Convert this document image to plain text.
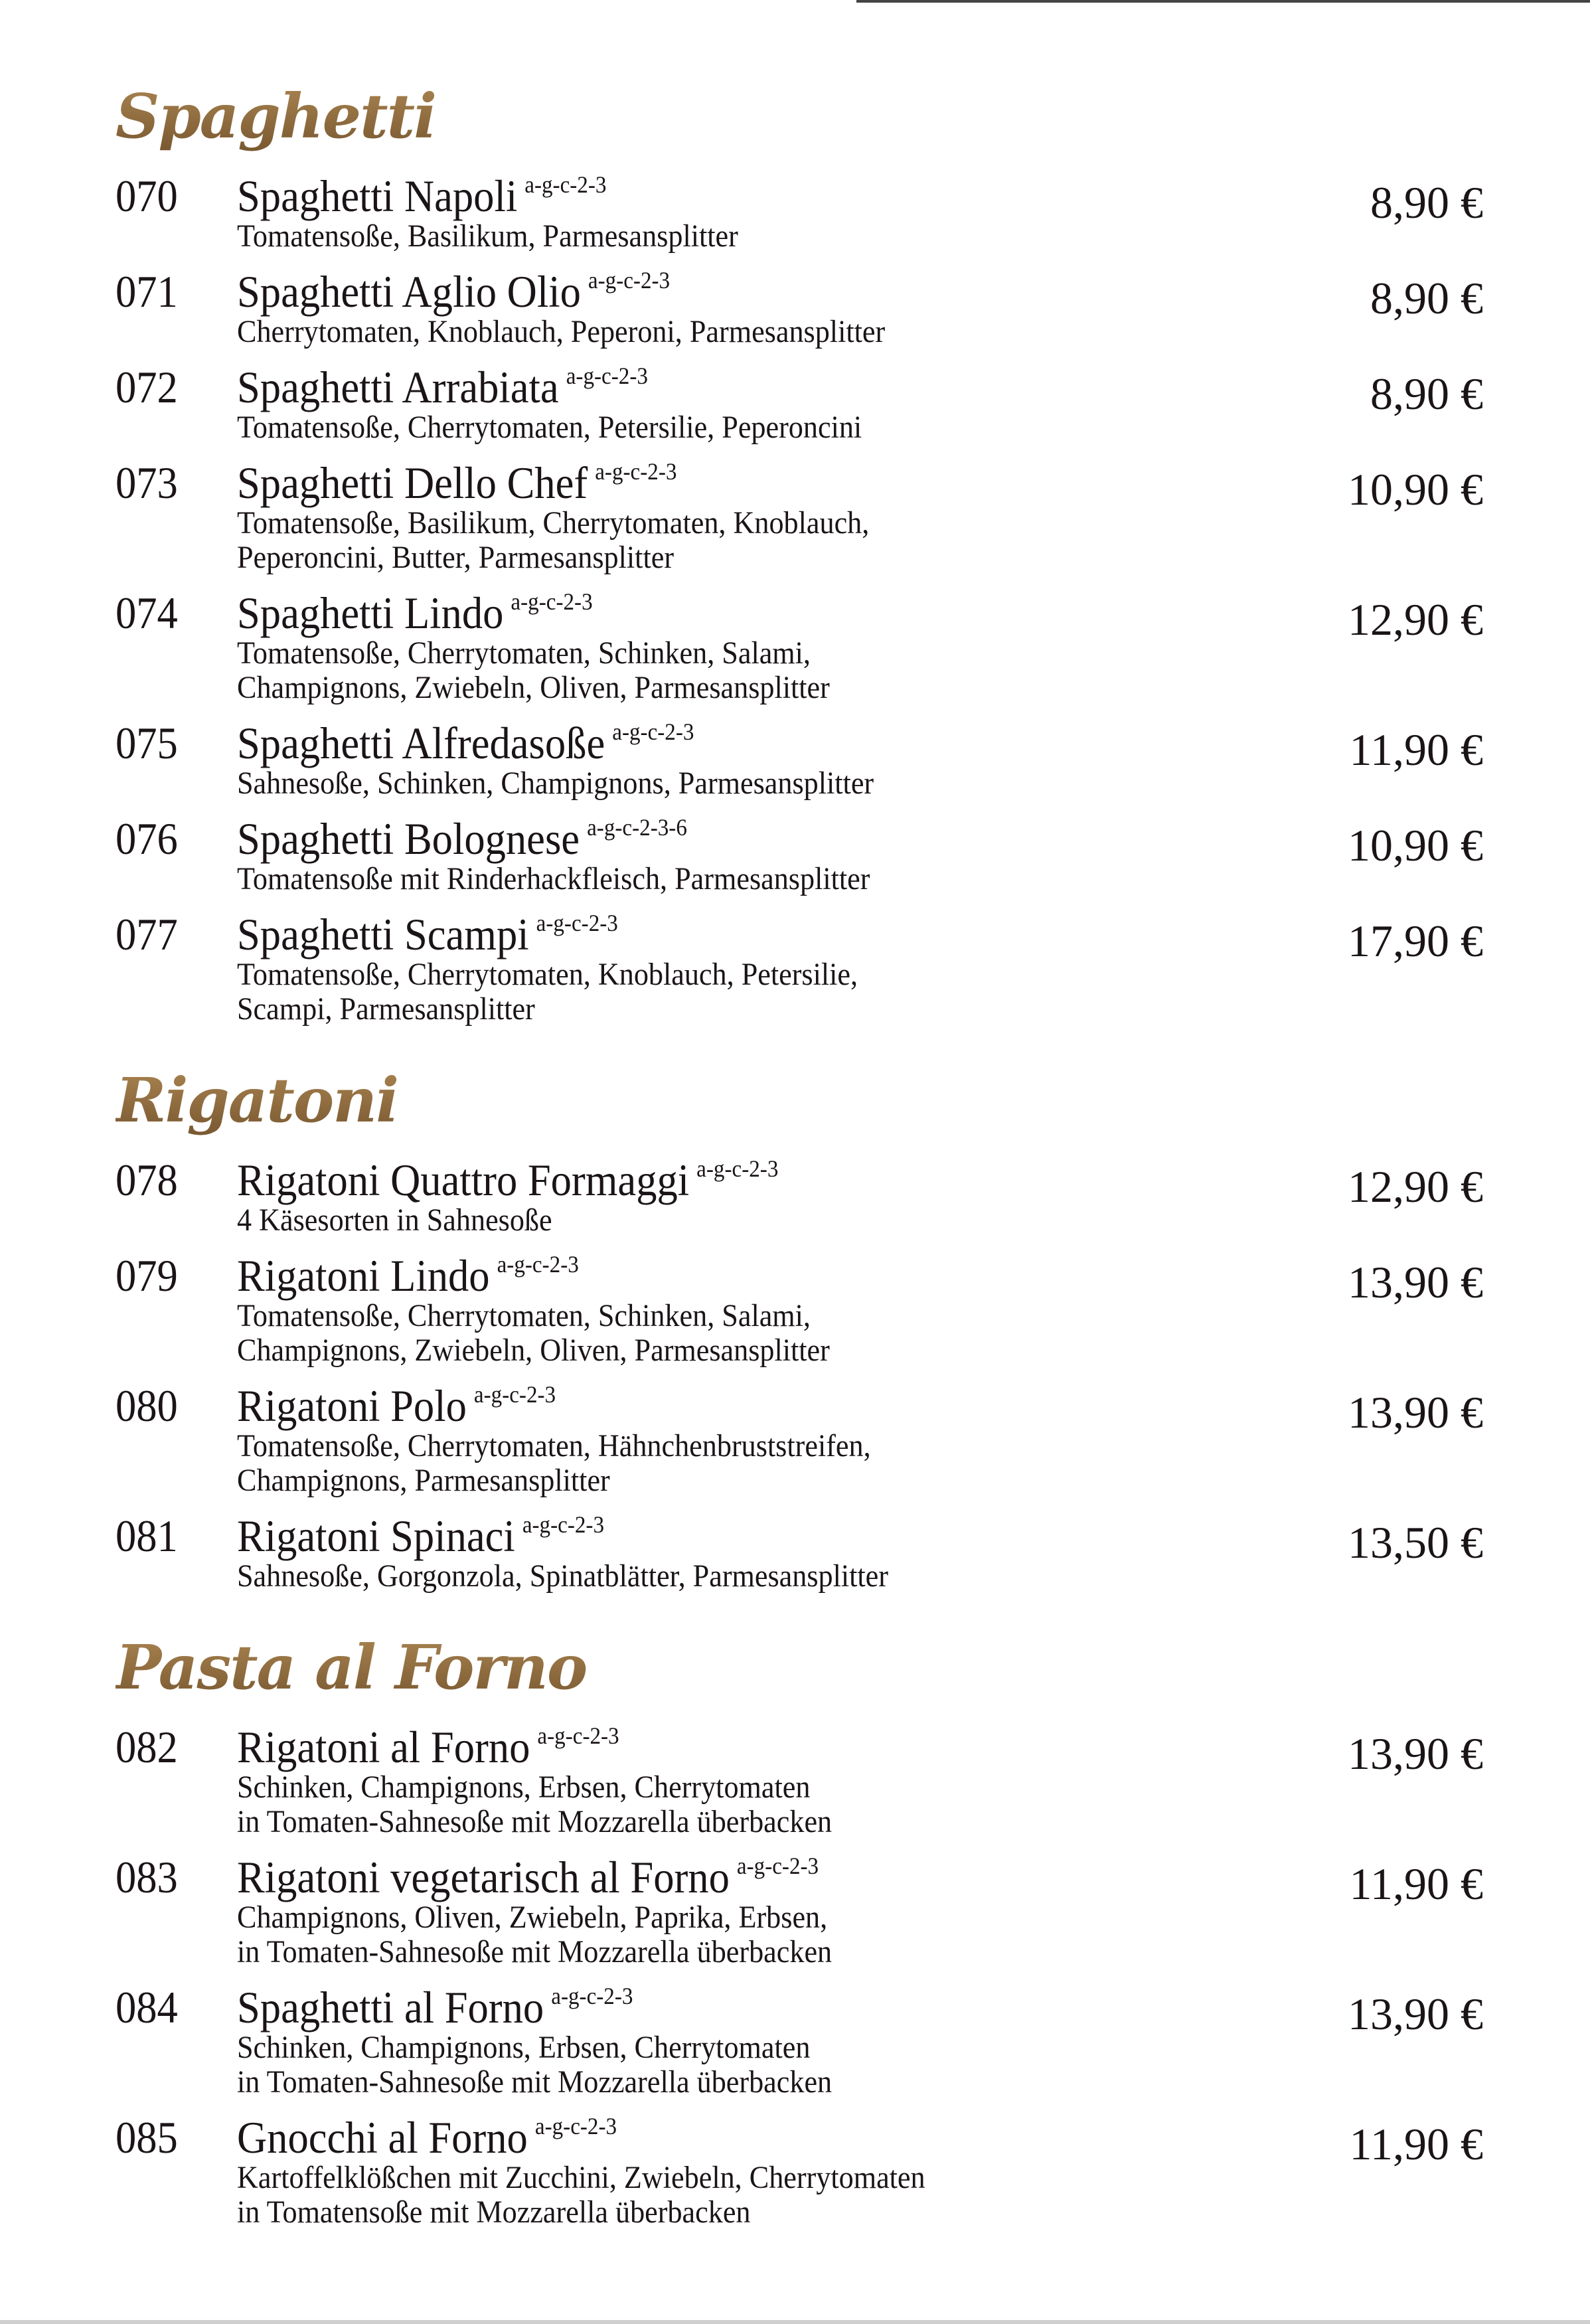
Spaghetti
070 Spaghetti Napoli $^{a-g-c-2-3}$
Tomatensoße, Basilikum, Parmesansplitter
8,90 €
071 Spaghetti Aglio Olio $^{a-g-c-2-3}$
Cherrytomaten, Knoblauch, Peperoni, Parmesansplitter
8,90 €
072 Spaghetti Arrabiata $^{a-g-c-2-3}$
Tomatensoße, Cherrytomaten, Petersilie, Peperoncini
8,90 €
073 Spaghetti Dello Chef $^{a-g-c-2-3}$
Tomatensoße, Basilikum, Cherrytomaten, Knoblauch,
Peperoncini, Butter, Parmesansplitter
10,90 €
074 Spaghetti Lindo $^{a-g-c-2-3}$
Tomatensoße, Cherrytomaten, Schinken, Salami,
Champignons, Zwiebeln, Oliven, Parmesansplitter
12,90 €
075 Spaghetti Alfredasoße $^{a-g-c-2-3}$
Sahnesoße, Schinken, Champignons, Parmesansplitter
11,90 €
076 Spaghetti Bolognese $^{a-g-c-2-3-6}$
Tomatensoße mit Rinderhackfleisch, Parmesansplitter
10,90 €
077 Spaghetti Scampi $^{a-g-c-2-3}$
Tomatensoße, Cherrytomaten, Knoblauch, Petersilie,
Scampi, Parmesansplitter
17,90 €
Rigatoni
078 Rigatoni Quattro Formaggi $^{a-g-c-2-3}$
4 Käsesorten in Sahnesoße
12,90 €
079 Rigatoni Lindo $^{a-g-c-2-3}$
Tomatensoße, Cherrytomaten, Schinken, Salami,
Champignons, Zwiebeln, Oliven, Parmesansplitter
13,90 €
080 Rigatoni Polo $^{a-g-c-2-3}$
Tomatensoße, Cherrytomaten, Hähnchenbruststreifen,
Champignons, Parmesansplitter
13,90 €
081 Rigatoni Spinaci $^{a-g-c-2-3}$
Sahnesoße, Gorgonzola, Spinatblätter, Parmesansplitter
13,50 €
Pasta al Forno
082 Rigatoni al Forno $^{a-g-c-2-3}$
Schinken, Champignons, Erbsen, Cherrytomaten
in Tomaten-Sahnesoße mit Mozzarella überbacken
13,90 €
083 Rigatoni vegetarisch al Forno $^{a-g-c-2-3}$
Champignons, Oliven, Zwiebeln, Paprika, Erbsen,
in Tomaten-Sahnesoße mit Mozzarella überbacken
11,90 €
084 Spaghetti al Forno $^{a-g-c-2-3}$
Schinken, Champignons, Erbsen, Cherrytomaten
in Tomaten-Sahnesoße mit Mozzarella überbacken
13,90 €
085 Gnocchi al Forno $^{a-g-c-2-3}$
Kartoffelklößchen mit Zucchini, Zwiebeln, Cherrytomaten
in Tomatensoße mit Mozzarella überbacken
11,90 €
